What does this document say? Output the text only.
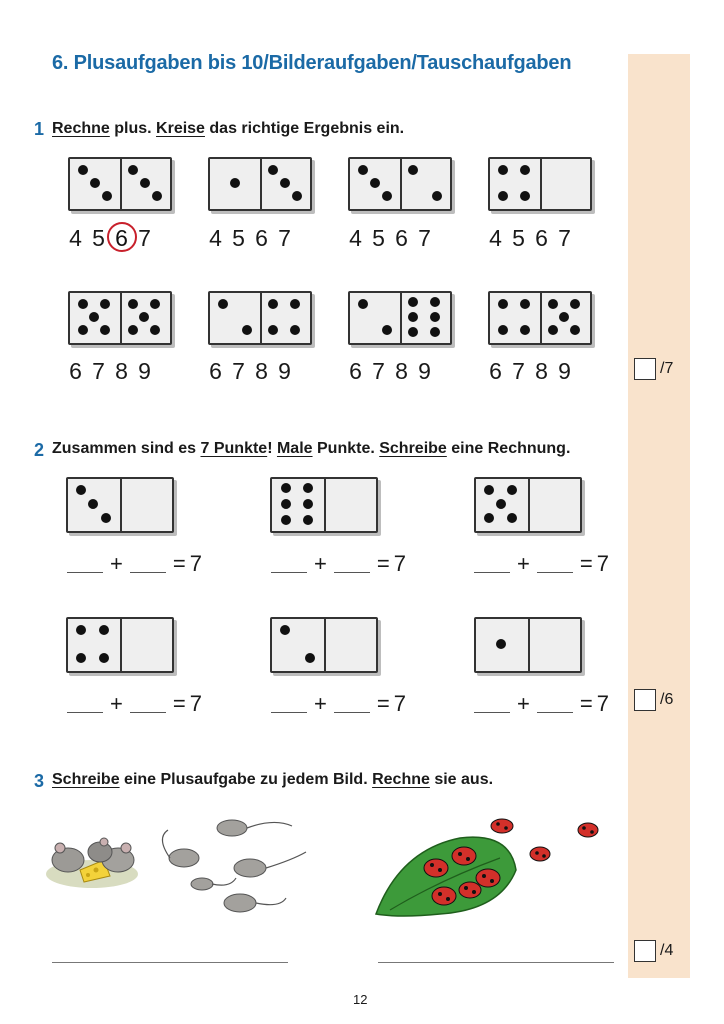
6. Plusaufgaben bis 10/Bilderaufgaben/Tauschaufgaben
1 Rechne plus. Kreise das richtige Ergebnis ein.
4 5 6 7	4 5 6 7	4 5 6 7	4 5 6 7
6 7 8 9	6 7 8 9	6 7 8 9	6 7 8 9	/7
2 Zusammen sind es 7 Punkte! Male Punkte. Schreibe eine Rechnung.
+ = 7	+ = 7	+ = 7
+ = 7	+ = 7	+ = 7	/6
3 Schreibe eine Plusaufgabe zu jedem Bild. Rechne sie aus.
/4
12
